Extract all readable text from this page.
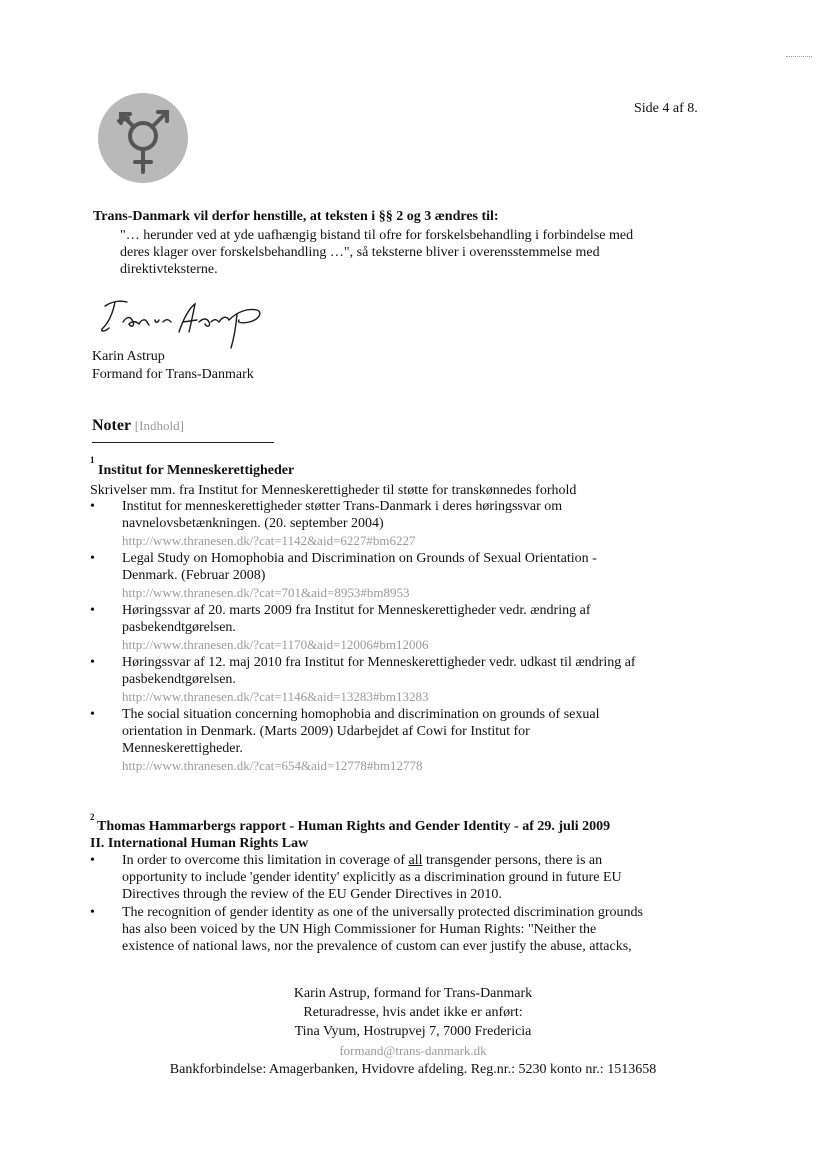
Side 4 af 8.
Trans-Danmark vil derfor henstille, at teksten i §§ 2 og 3 ændres til:
"… herunder ved at yde uafhængig bistand til ofre for forskelsbehandling i forbindelse med
deres klager over forskelsbehandling …", så teksterne bliver i overensstemmelse med
direktivteksterne.
Karin Astrup
Formand for Trans-Danmark
Noter [Indhold]
1
Institut for Menneskerettigheder
Skrivelser mm. fra Institut for Menneskerettigheder til støtte for transkønnedes forhold
• Institut for menneskerettigheder støtter Trans-Danmark i deres høringssvar om
navnelovsbetænkningen. (20. september 2004)
http://www.thranesen.dk/?cat=1142&aid=6227#bm6227
• Legal Study on Homophobia and Discrimination on Grounds of Sexual Orientation -
Denmark. (Februar 2008)
http://www.thranesen.dk/?cat=701&aid=8953#bm8953
• Høringssvar af 20. marts 2009 fra Institut for Menneskerettigheder vedr. ændring af
pasbekendtgørelsen.
http://www.thranesen.dk/?cat=1170&aid=12006#bm12006
• Høringssvar af 12. maj 2010 fra Institut for Menneskerettigheder vedr. udkast til ændring af
pasbekendtgørelsen.
http://www.thranesen.dk/?cat=1146&aid=13283#bm13283
• The social situation concerning homophobia and discrimination on grounds of sexual
orientation in Denmark. (Marts 2009) Udarbejdet af Cowi for Institut for
Menneskerettigheder.
http://www.thranesen.dk/?cat=654&aid=12778#bm12778
2
Thomas Hammarbergs rapport - Human Rights and Gender Identity - af 29. juli 2009
II. International Human Rights Law
• In order to overcome this limitation in coverage of all transgender persons, there is an
opportunity to include 'gender identity' explicitly as a discrimination ground in future EU
Directives through the review of the EU Gender Directives in 2010.
• The recognition of gender identity as one of the universally protected discrimination grounds
has also been voiced by the UN High Commissioner for Human Rights: "Neither the
existence of national laws, nor the prevalence of custom can ever justify the abuse, attacks,
Karin Astrup, formand for Trans-Danmark
Returadresse, hvis andet ikke er anført:
Tina Vyum, Hostrupvej 7, 7000 Fredericia
formand@trans-danmark.dk
Bankforbindelse: Amagerbanken, Hvidovre afdeling. Reg.nr.: 5230 konto nr.: 1513658
